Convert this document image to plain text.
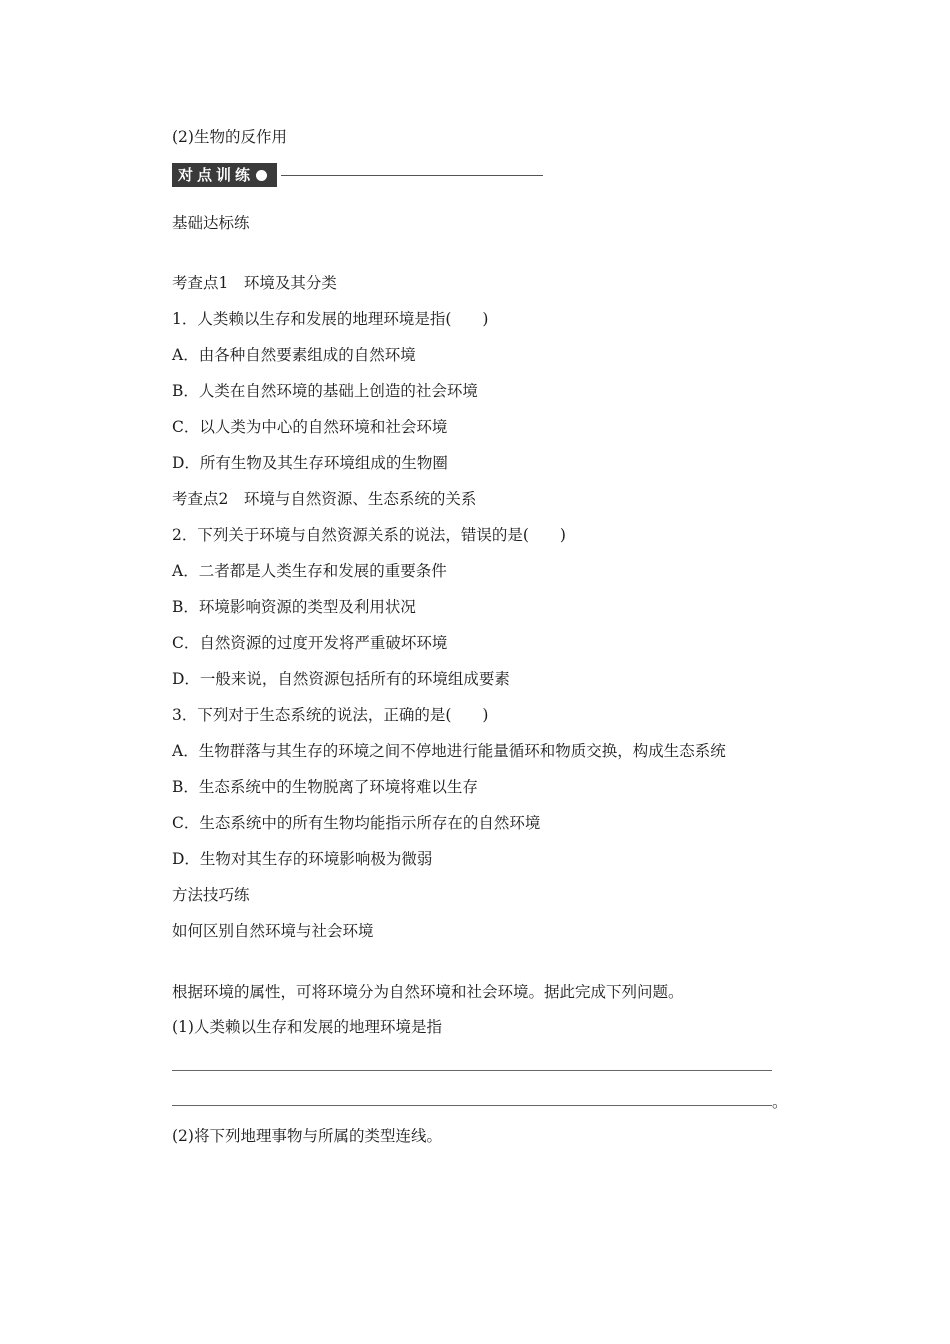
(2)生物的反作用
对点训练
基础达标练
考查点1　环境及其分类
1．人类赖以生存和发展的地理环境是指(　　)
A．由各种自然要素组成的自然环境
B．人类在自然环境的基础上创造的社会环境
C．以人类为中心的自然环境和社会环境
D．所有生物及其生存环境组成的生物圈
考查点2　环境与自然资源、生态系统的关系
2．下列关于环境与自然资源关系的说法，错误的是(　　)
A．二者都是人类生存和发展的重要条件
B．环境影响资源的类型及利用状况
C．自然资源的过度开发将严重破坏环境
D．一般来说，自然资源包括所有的环境组成要素
3．下列对于生态系统的说法，正确的是(　　)
A．生物群落与其生存的环境之间不停地进行能量循环和物质交换，构成生态系统
B．生态系统中的生物脱离了环境将难以生存
C．生态系统中的所有生物均能指示所存在的自然环境
D．生物对其生存的环境影响极为微弱
方法技巧练
如何区别自然环境与社会环境
根据环境的属性，可将环境分为自然环境和社会环境。据此完成下列问题。
(1)人类赖以生存和发展的地理环境是指
。
(2)将下列地理事物与所属的类型连线。
